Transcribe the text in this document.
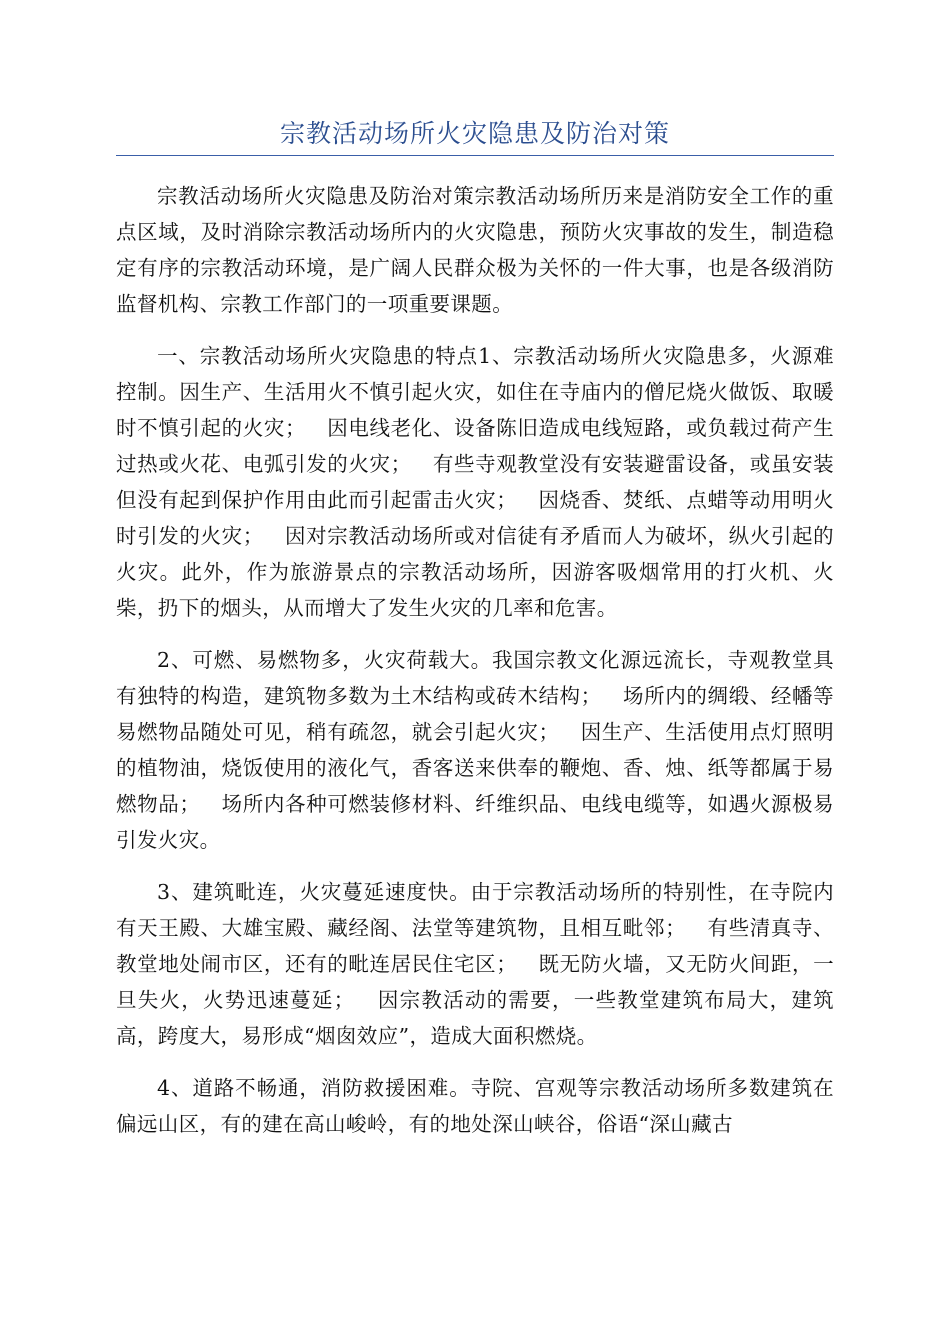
宗教活动场所火灾隐患及防治对策

宗教活动场所火灾隐患及防治对策宗教活动场所历来是消防安全工作的重点区域，及时消除宗教活动场所内的火灾隐患，预防火灾事故的发生，制造稳定有序的宗教活动环境，是广阔人民群众极为关怀的一件大事，也是各级消防监督机构、宗教工作部门的一项重要课题。

一、宗教活动场所火灾隐患的特点1、宗教活动场所火灾隐患多，火源难控制。因生产、生活用火不慎引起火灾，如住在寺庙内的僧尼烧火做饭、取暖时不慎引起的火灾；   因电线老化、设备陈旧造成电线短路，或负载过荷产生过热或火花、电弧引发的火灾；   有些寺观教堂没有安装避雷设备，或虽安装但没有起到保护作用由此而引起雷击火灾；   因烧香、焚纸、点蜡等动用明火时引发的火灾；   因对宗教活动场所或对信徒有矛盾而人为破坏，纵火引起的火灾。此外，作为旅游景点的宗教活动场所，因游客吸烟常用的打火机、火柴，扔下的烟头，从而增大了发生火灾的几率和危害。

2、可燃、易燃物多，火灾荷载大。我国宗教文化源远流长，寺观教堂具有独特的构造，建筑物多数为土木结构或砖木结构；   场所内的绸缎、经幡等易燃物品随处可见，稍有疏忽，就会引起火灾；   因生产、生活使用点灯照明的植物油，烧饭使用的液化气，香客送来供奉的鞭炮、香、烛、纸等都属于易燃物品；   场所内各种可燃装修材料、纤维织品、电线电缆等，如遇火源极易引发火灾。

3、建筑毗连，火灾蔓延速度快。由于宗教活动场所的特别性，在寺院内有天王殿、大雄宝殿、藏经阁、法堂等建筑物，且相互毗邻；   有些清真寺、教堂地处闹市区，还有的毗连居民住宅区；   既无防火墙，又无防火间距，一旦失火，火势迅速蔓延；   因宗教活动的需要，一些教堂建筑布局大，建筑高，跨度大，易形成“烟囱效应”，造成大面积燃烧。

4、道路不畅通，消防救援困难。寺院、宫观等宗教活动场所多数建筑在偏远山区，有的建在高山峻岭，有的地处深山峡谷，俗语“深山藏古
